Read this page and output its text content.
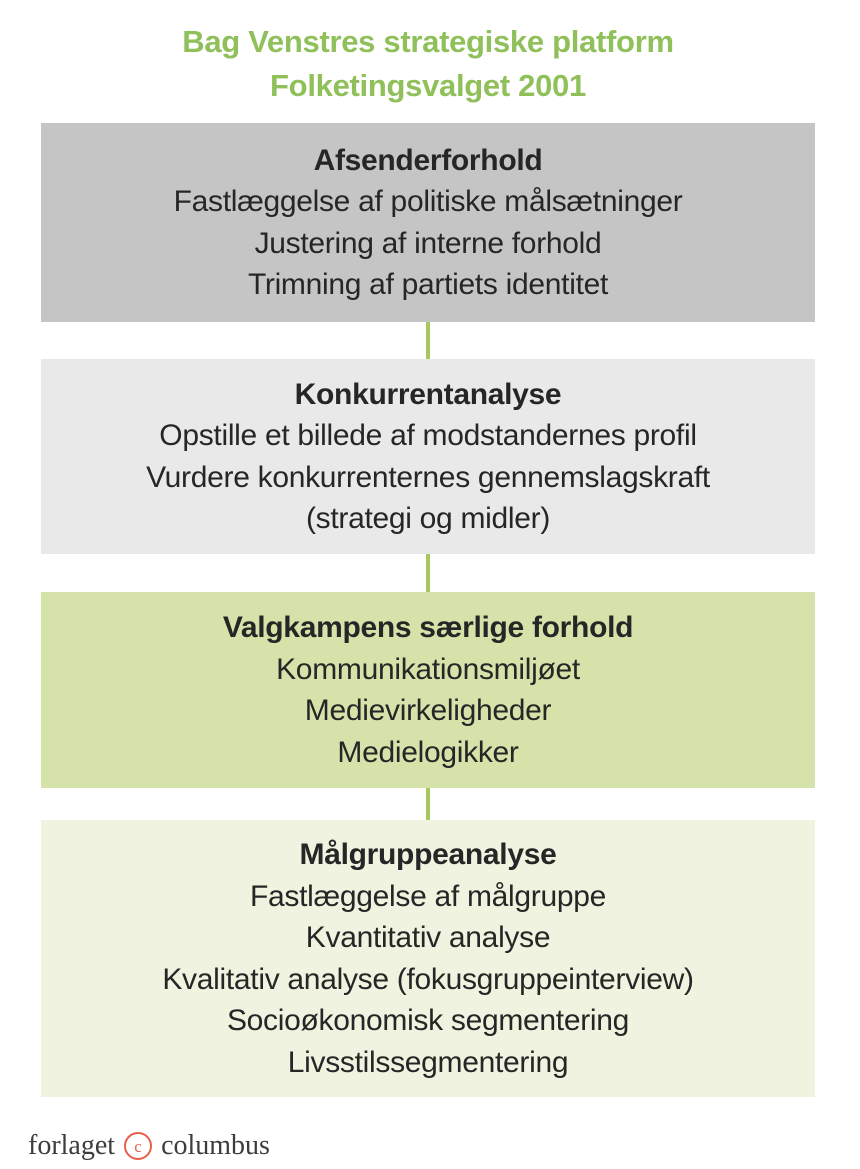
Bag Venstres strategiske platform
Folketingsvalget 2001
Afsenderforhold
Fastlæggelse af politiske målsætninger
Justering af interne forhold
Trimning af partiets identitet
Konkurrentanalyse
Opstille et billede af modstandernes profil
Vurdere konkurrenternes gennemslagskraft
(strategi og midler)
Valgkampens særlige forhold
Kommunikationsmiljøet
Medievirkeligheder
Medielogikker
Målgruppeanalyse
Fastlæggelse af målgruppe
Kvantitativ analyse
Kvalitativ analyse (fokusgruppeinterview)
Socioøkonomisk segmentering
Livsstilssegmentering
forlaget c columbus
